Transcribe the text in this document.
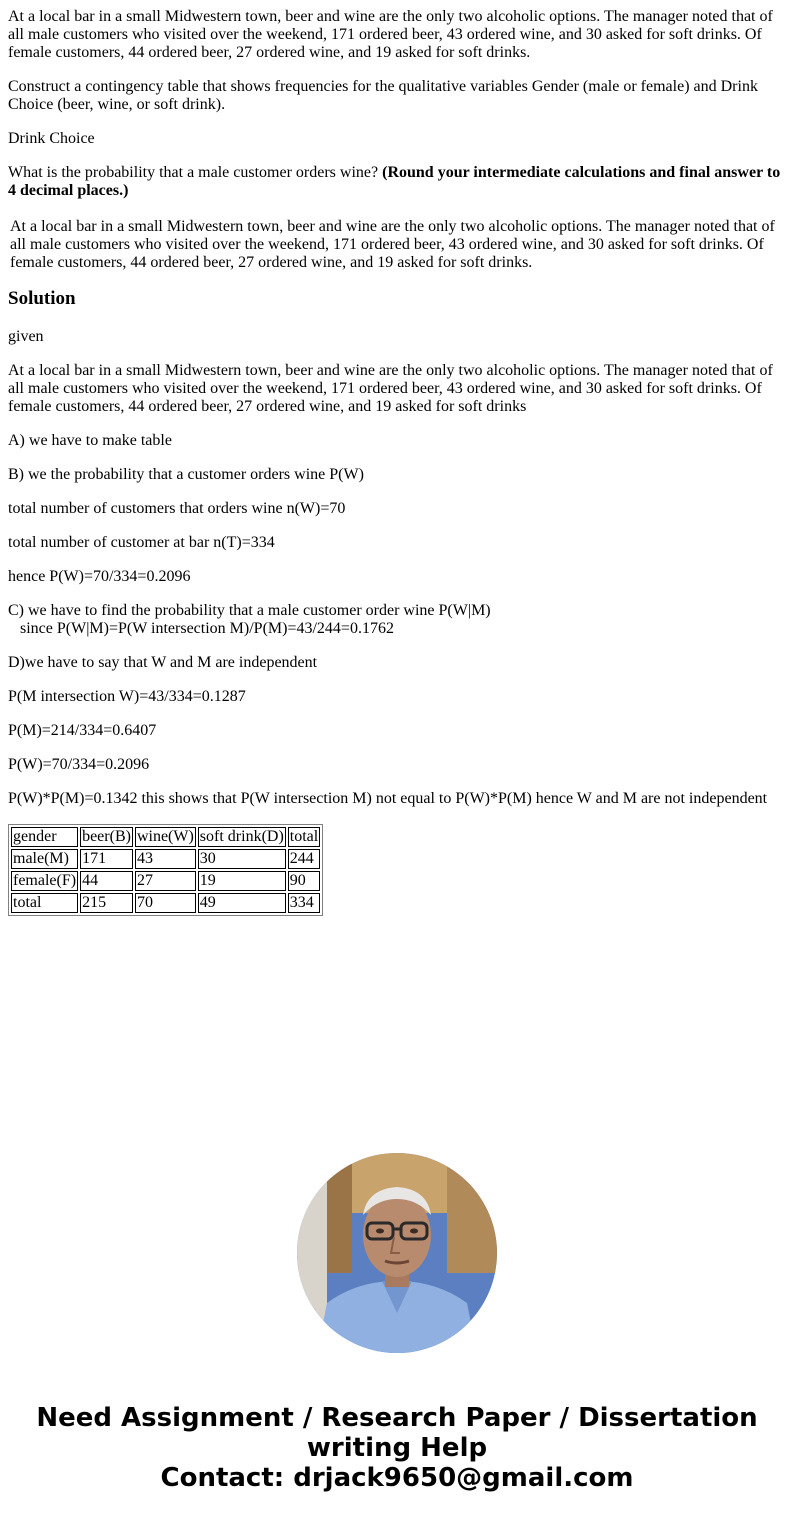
At a local bar in a small Midwestern town, beer and wine are the only two alcoholic options. The manager noted that of all male customers who visited over the weekend, 171 ordered beer, 43 ordered wine, and 30 asked for soft drinks. Of female customers, 44 ordered beer, 27 ordered wine, and 19 asked for soft drinks.

Construct a contingency table that shows frequencies for the qualitative variables Gender (male or female) and Drink Choice (beer, wine, or soft drink).

Drink Choice

What is the probability that a male customer orders wine? (Round your intermediate calculations and final answer to 4 decimal places.)

At a local bar in a small Midwestern town, beer and wine are the only two alcoholic options. The manager noted that of all male customers who visited over the weekend, 171 ordered beer, 43 ordered wine, and 30 asked for soft drinks. Of female customers, 44 ordered beer, 27 ordered wine, and 19 asked for soft drinks.
Solution

given

At a local bar in a small Midwestern town, beer and wine are the only two alcoholic options. The manager noted that of all male customers who visited over the weekend, 171 ordered beer, 43 ordered wine, and 30 asked for soft drinks. Of female customers, 44 ordered beer, 27 ordered wine, and 19 asked for soft drinks

A) we have to make table

B) we the probability that a customer orders wine P(W)

total number of customers that orders wine n(W)=70

total number of customer at bar n(T)=334

hence P(W)=70/334=0.2096

C) we have to find the probability that a male customer order wine P(W|M)
since P(W|M)=P(W intersection M)/P(M)=43/244=0.1762

D)we have to say that W and M are independent

P(M intersection W)=43/334=0.1287

P(M)=214/334=0.6407

P(W)=70/334=0.2096

P(W)*P(M)=0.1342 this shows that P(W intersection M) not equal to P(W)*P(M) hence W and M are not independent

gender	beer(B)	wine(W)	soft drink(D)	total
male(M)	171	43	30	244
female(F)	44	27	19	90
total	215	70	49	334
Need Assignment / Research Paper / Dissertation
writing Help
Contact: drjack9650@gmail.com
